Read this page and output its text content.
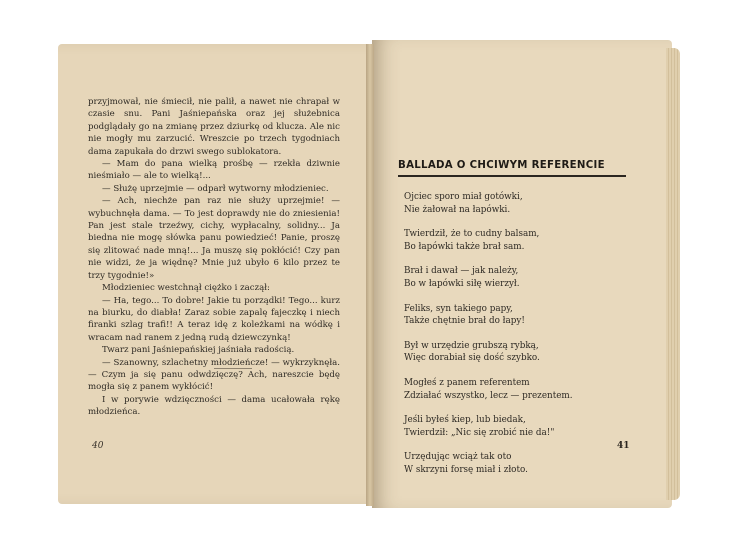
przyjmował, nie śmiecił, nie palił, a nawet nie chrapał w czasie snu. Pani Jaśniepańska oraz jej służebnica podglądały go na zmianę przez dziurkę od klucza. Ale nic nie mogły mu zarzucić. Wreszcie po trzech tygodniach dama zapukała do drzwi swego sublokatora.

— Mam do pana wielką prośbę — rzekła dziwnie nieśmiało — ale to wielką!...

— Służę uprzejmie — odparł wytworny młodzieniec.

— Ach, niechże pan raz nie służy uprzejmie! — wybuchnęła dama. — To jest doprawdy nie do zniesienia! Pan jest stale trzeźwy, cichy, wypłacalny, solidny... Ja biedna nie mogę słówka panu powiedzieć! Panie, proszę się zlitować nade mną!... Ja muszę się pokłócić! Czy pan nie widzi, że ja więdnę? Mnie już ubyło 6 kilo przez te trzy tygodnie!»

Młodzieniec westchnął ciężko i zaczął:

— Ha, tego... To dobre! Jakie tu porządki! Tego... kurz na biurku, do diabła! Zaraz sobie zapalę fajeczkę i niech firanki szlag trafi!! A teraz idę z koleżkami na wódkę i wracam nad ranem z jedną rudą dziewczynką!

Twarz pani Jaśniepańskiej jaśniała radością.

— Szanowny, szlachetny młodzieńcze! — wykrzyknęła. — Czym ja się panu odwdzięczę? Ach, nareszcie będę mogła się z panem wykłócić!

I w porywie wdzięczności — dama ucałowała rękę młodzieńca.

40
BALLADA O CHCIWYM REFERENCIE
Ojciec sporo miał gotówki,
Nie żałował na łapówki.
Twierdził, że to cudny balsam,
Bo łapówki także brał sam.
Brał i dawał — jak należy,
Bo w łapówki siłę wierzył.
Feliks, syn takiego papy,
Także chętnie brał do łapy!
Był w urzędzie grubszą rybką,
Więc dorabiał się dość szybko.
Mogłeś z panem referentem
Zdziałać wszystko, lecz — prezentem.
Jeśli byłeś kiep, lub biedak,
Twierdził: „Nic się zrobić nie da!"
Urzędując wciąż tak oto
W skrzyni forsę miał i złoto.
41
